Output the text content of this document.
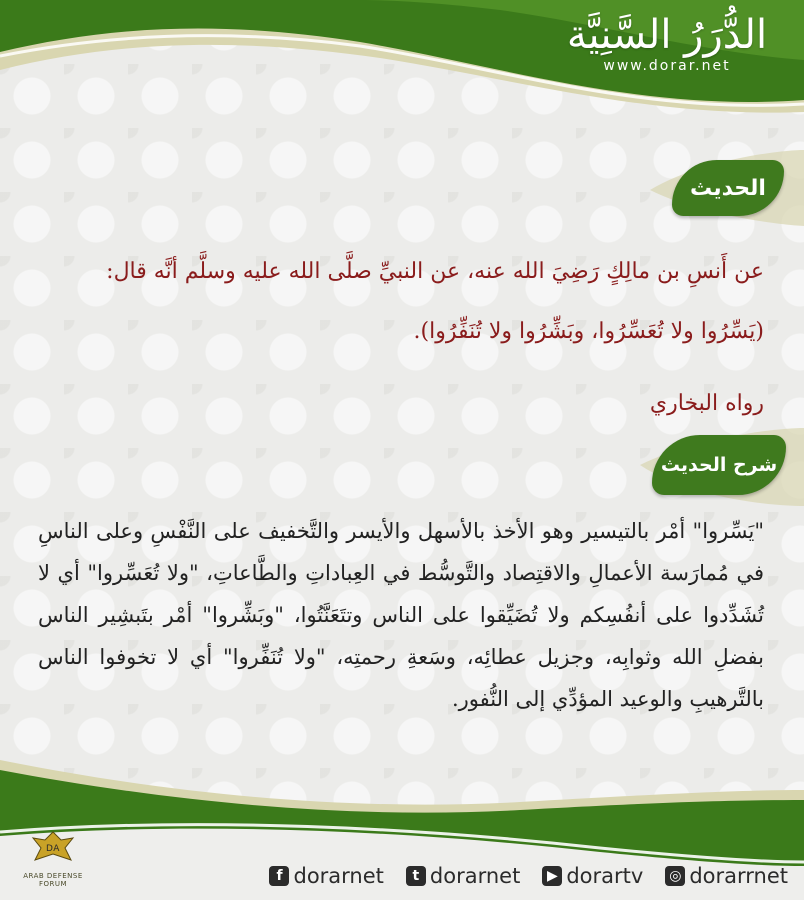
الدُّرَرُ السَّنِيَّة
www.dorar.net
الحديث
عن أَنسِ بن مالِكٍ رَضِيَ الله عنه، عن النبيِّ صلَّى الله عليه وسلَّم أنَّه قال:
(يَسِّرُوا ولا تُعَسِّرُوا، وبَشِّرُوا ولا تُنَفِّرُوا).
رواه البخاري
شرح الحديث
"يَسِّروا" أمْر بالتيسير وهو الأخذ بالأسهل والأيسر والتَّخفيف على النَّفْسِ وعلى الناسِ في مُمارَسة الأعمالِ والاقتِصاد والتَّوسُّط في العِباداتِ والطَّاعاتِ، "ولا تُعَسِّروا" أي لا تُشَدِّدوا على أنفُسِكم ولا تُضَيِّقوا على الناس وتتَعَنَّتُوا، "وبَشِّروا" أمْر بتَبشِير الناس بفضلِ الله وثوابِه، وجزيل عطائِه، وسَعةِ رحمتِه، "ولا تُنَفِّروا" أي لا تخوفوا الناس بالتَّرهيبِ والوعيد المؤدِّي إلى النُّفور.
DA
ARAB DEFENSE FORUM	f dorarnet	t dorarnet	▶ dorartv ◎ dorarrnet
